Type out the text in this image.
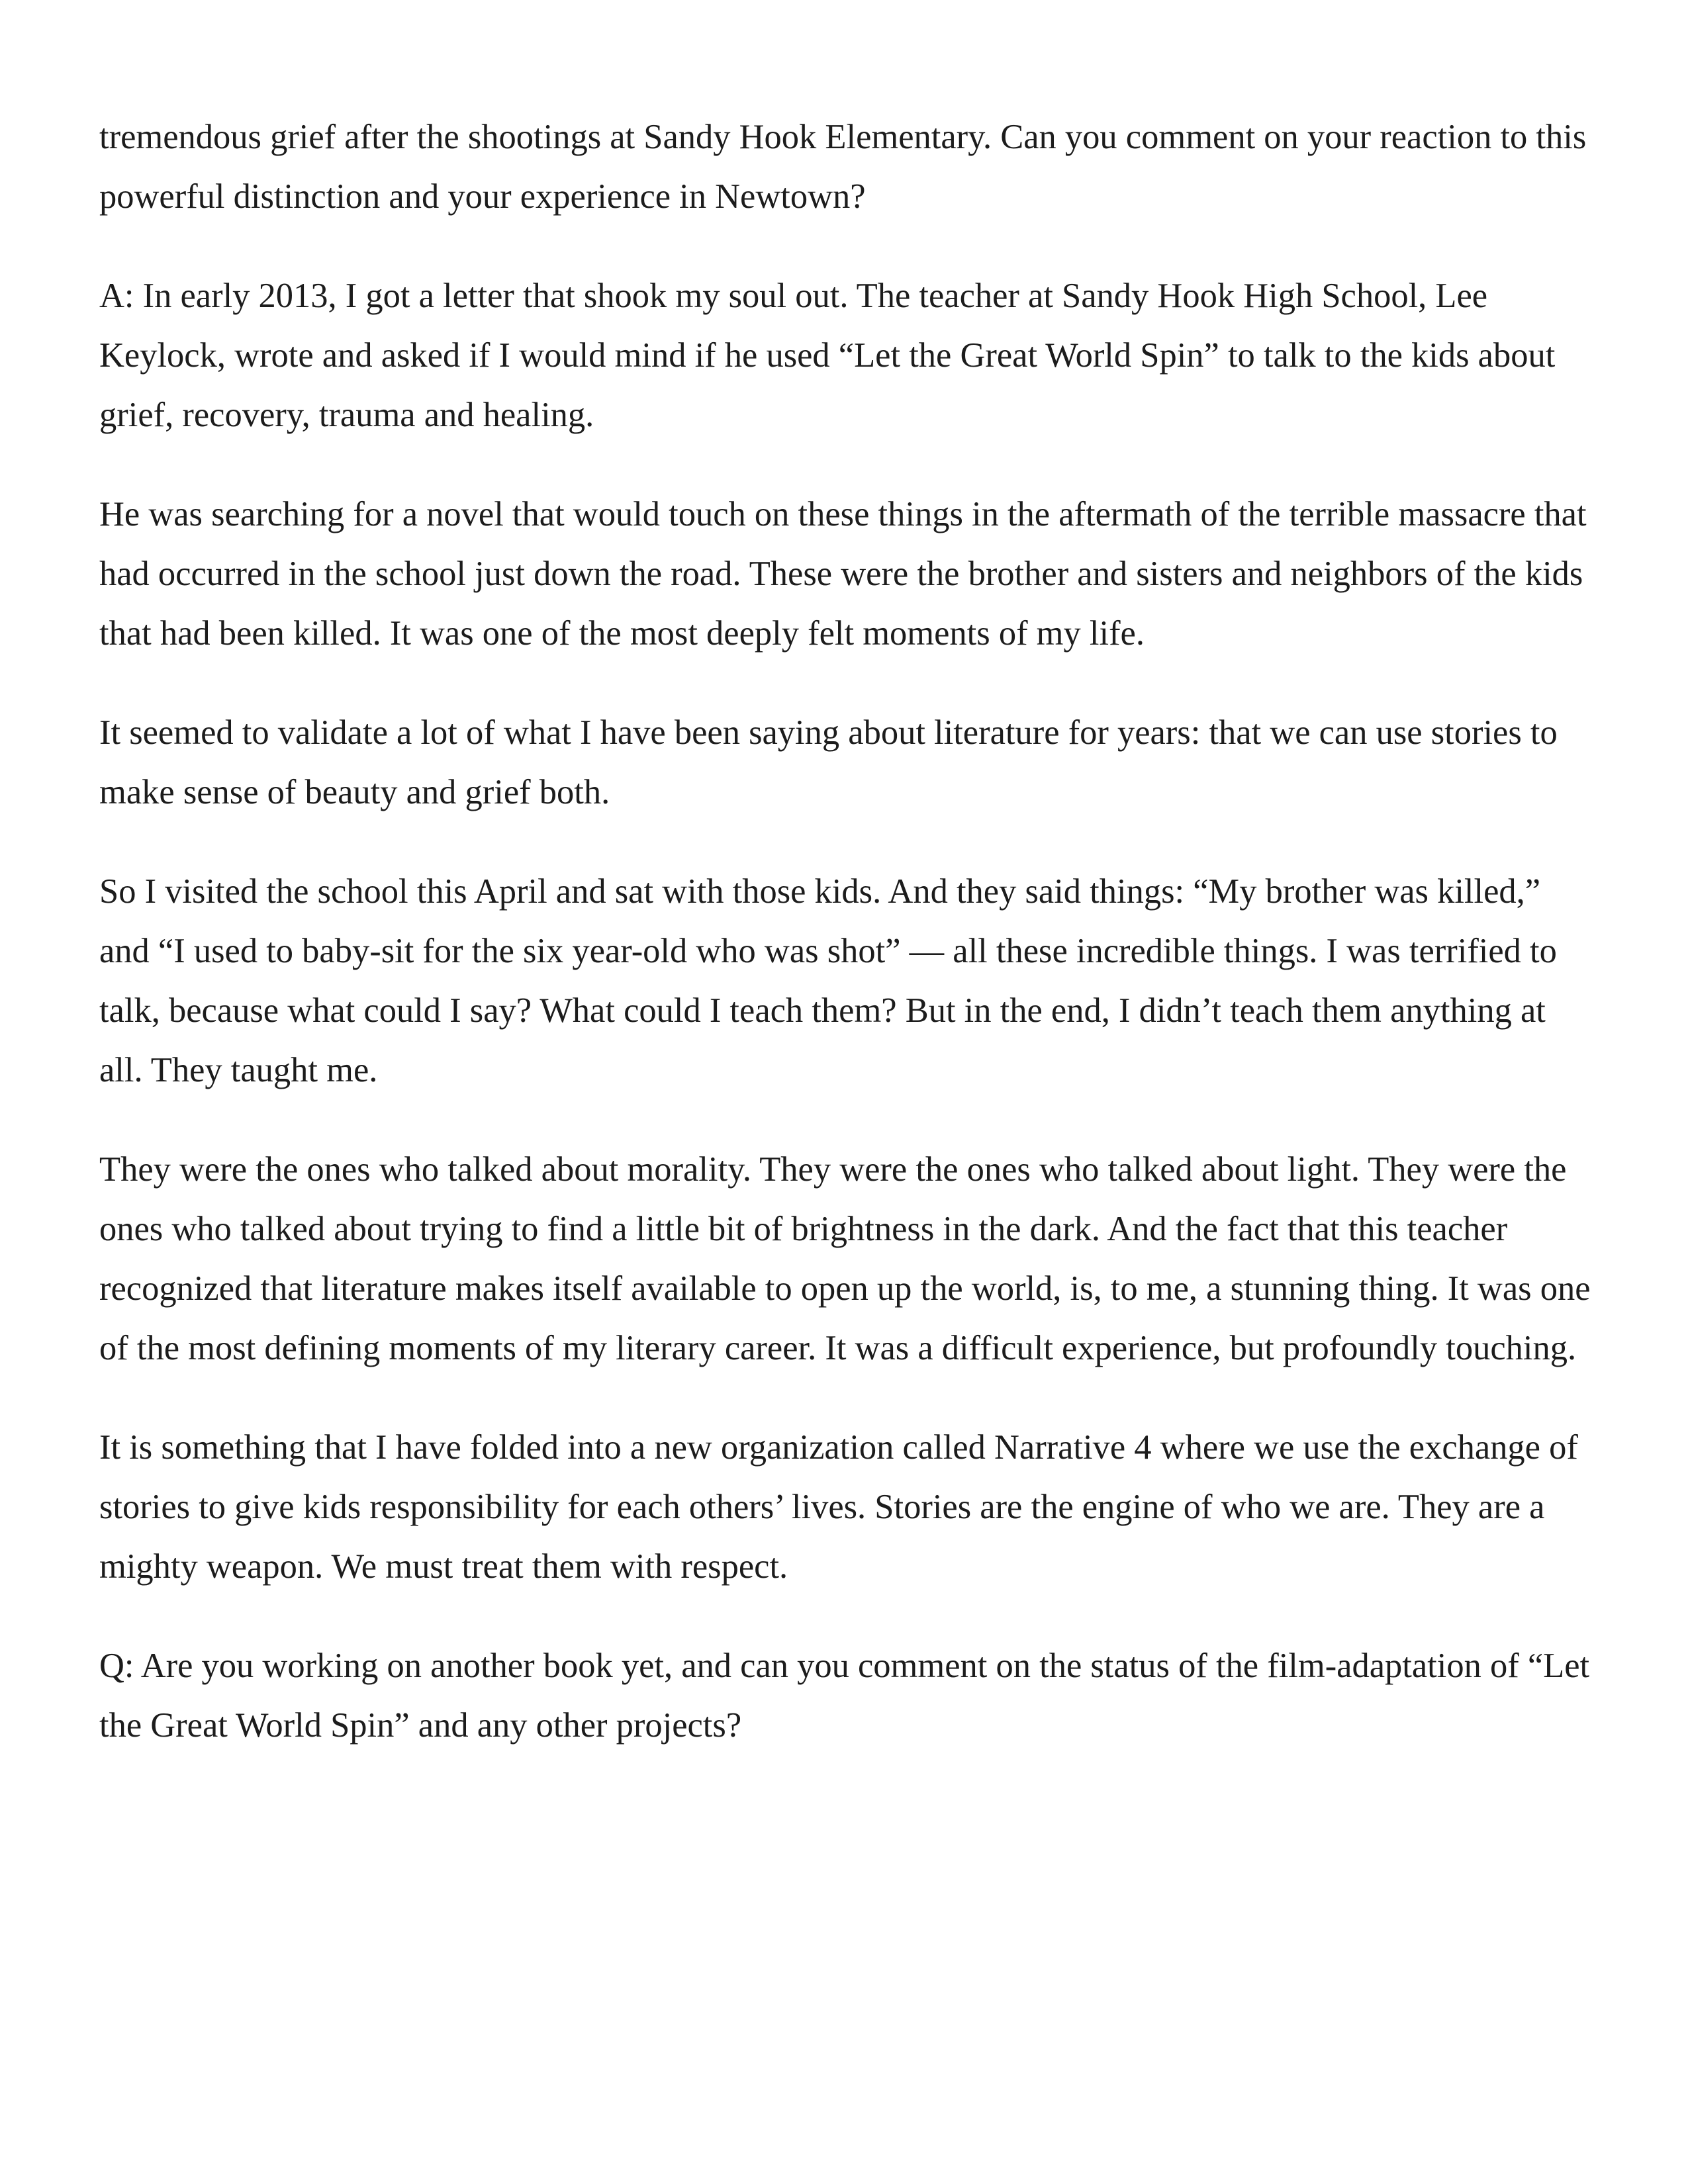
tremendous grief after the shootings at Sandy Hook Elementary. Can you comment on your reaction to this powerful distinction and your experience in Newtown?

A: In early 2013, I got a letter that shook my soul out. The teacher at Sandy Hook High School, Lee Keylock, wrote and asked if I would mind if he used “Let the Great World Spin” to talk to the kids about grief, recovery, trauma and healing.

He was searching for a novel that would touch on these things in the aftermath of the terrible massacre that had occurred in the school just down the road. These were the brother and sisters and neighbors of the kids that had been killed. It was one of the most deeply felt moments of my life.

It seemed to validate a lot of what I have been saying about literature for years: that we can use stories to make sense of beauty and grief both.

So I visited the school this April and sat with those kids. And they said things: “My brother was killed,” and “I used to baby-sit for the six year-old who was shot” — all these incredible things. I was terrified to talk, because what could I say? What could I teach them? But in the end, I didn’t teach them anything at all. They taught me.

They were the ones who talked about morality. They were the ones who talked about light. They were the ones who talked about trying to find a little bit of brightness in the dark. And the fact that this teacher recognized that literature makes itself available to open up the world, is, to me, a stunning thing. It was one of the most defining moments of my literary career. It was a difficult experience, but profoundly touching.

It is something that I have folded into a new organization called Narrative 4 where we use the exchange of stories to give kids responsibility for each others’ lives. Stories are the engine of who we are. They are a mighty weapon. We must treat them with respect.

Q: Are you working on another book yet, and can you comment on the status of the film-adaptation of “Let the Great World Spin” and any other projects?
